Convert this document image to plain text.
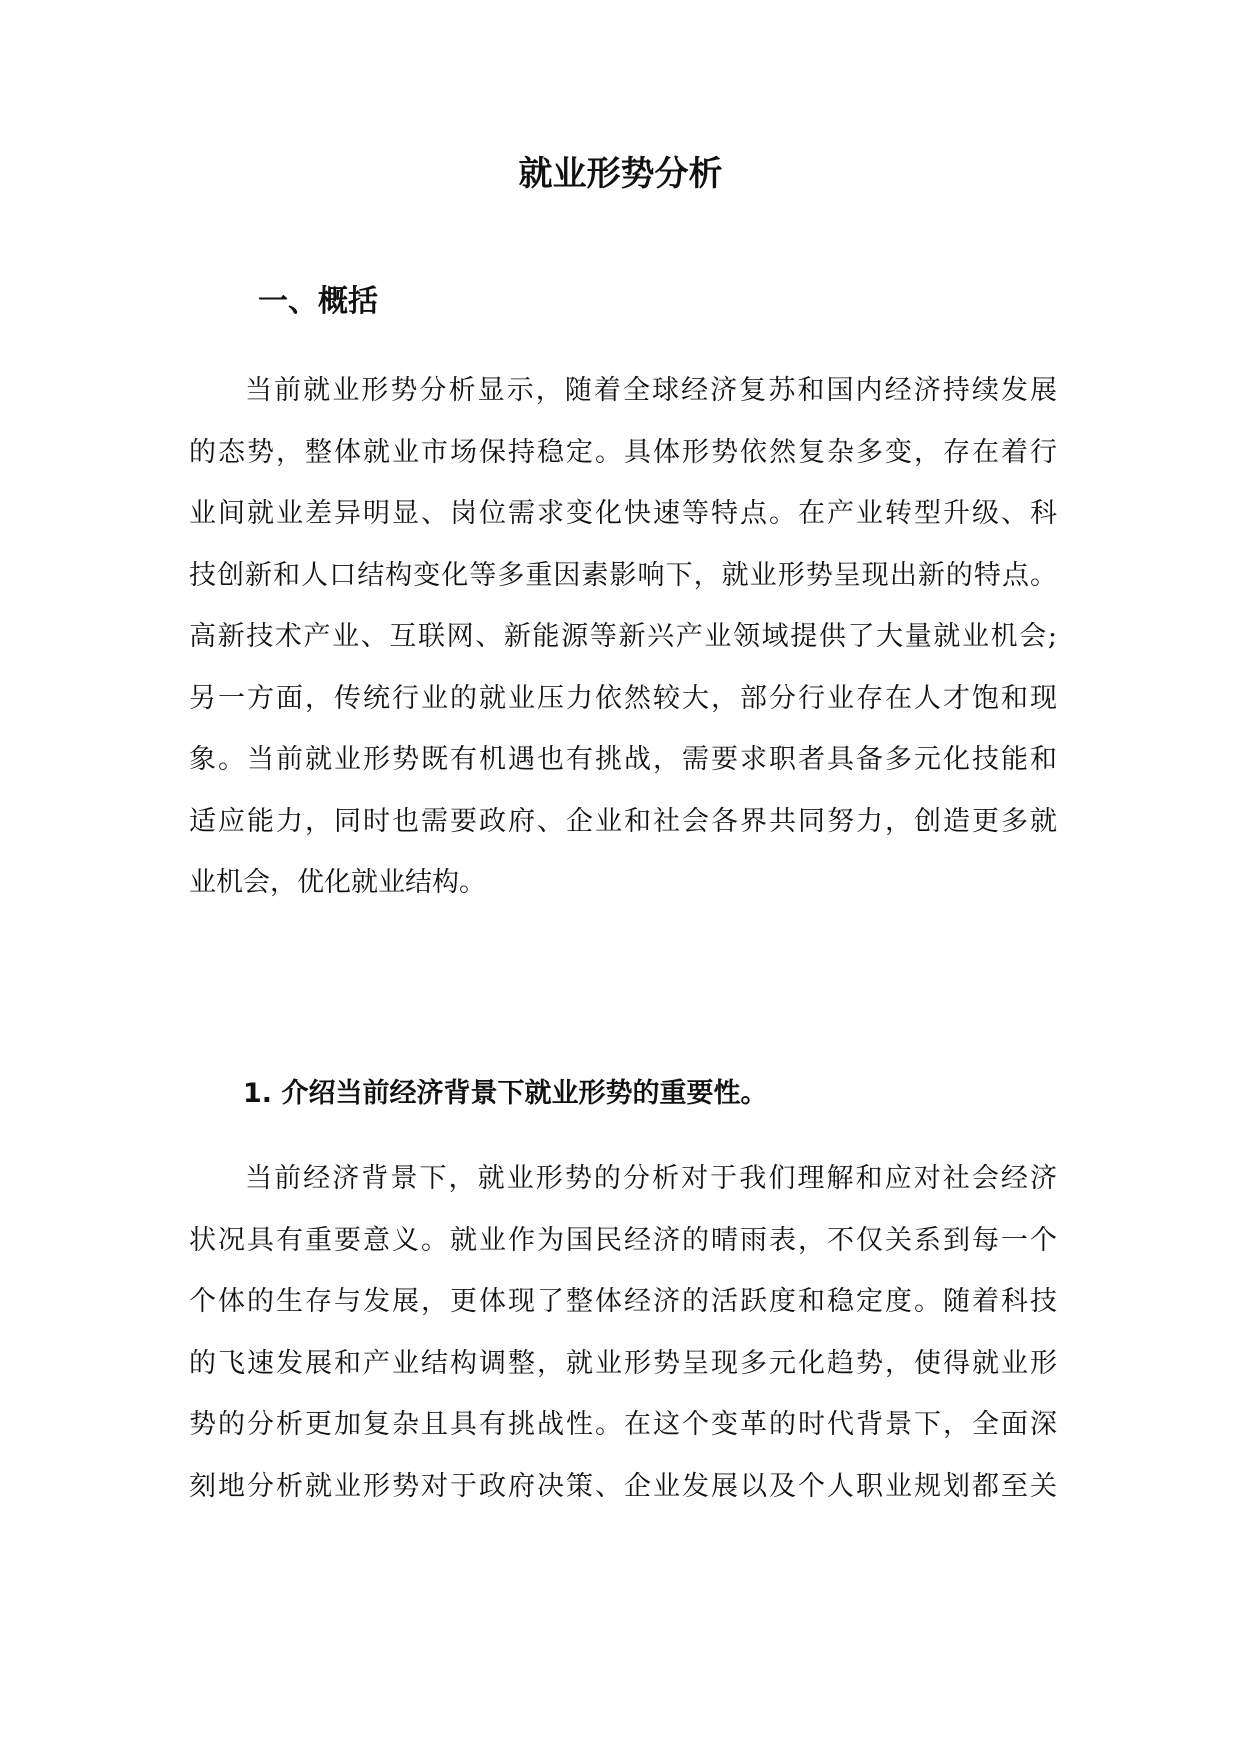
就业形势分析
一、概括
当前就业形势分析显示，随着全球经济复苏和国内经济持续发展
的态势，整体就业市场保持稳定。具体形势依然复杂多变，存在着行
业间就业差异明显、岗位需求变化快速等特点。在产业转型升级、科
技创新和人口结构变化等多重因素影响下，就业形势呈现出新的特点。
高新技术产业、互联网、新能源等新兴产业领域提供了大量就业机会;
另一方面，传统行业的就业压力依然较大，部分行业存在人才饱和现
象。当前就业形势既有机遇也有挑战，需要求职者具备多元化技能和
适应能力，同时也需要政府、企业和社会各界共同努力，创造更多就
业机会，优化就业结构。
1. 介绍当前经济背景下就业形势的重要性。
当前经济背景下，就业形势的分析对于我们理解和应对社会经济
状况具有重要意义。就业作为国民经济的晴雨表，不仅关系到每一个
个体的生存与发展，更体现了整体经济的活跃度和稳定度。随着科技
的飞速发展和产业结构调整，就业形势呈现多元化趋势，使得就业形
势的分析更加复杂且具有挑战性。在这个变革的时代背景下，全面深
刻地分析就业形势对于政府决策、企业发展以及个人职业规划都至关
